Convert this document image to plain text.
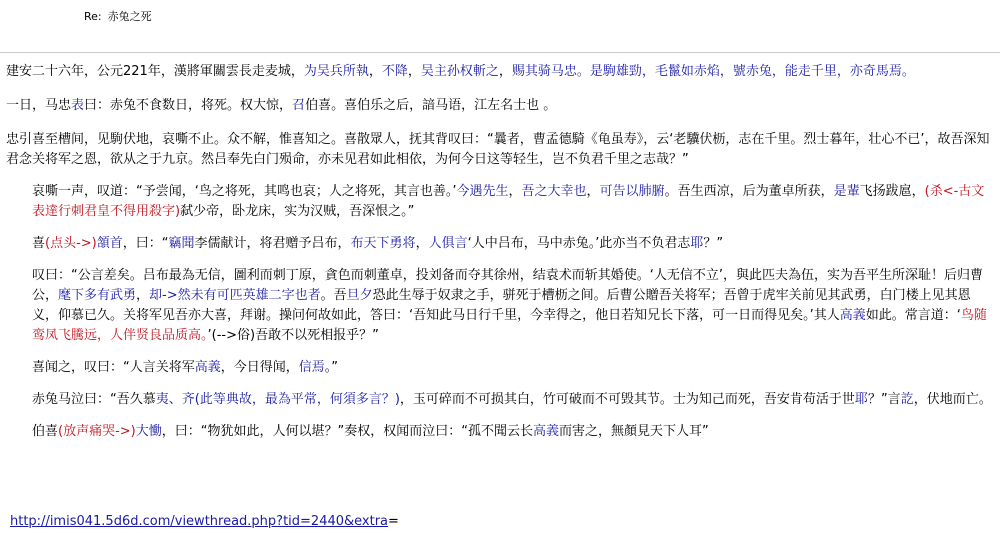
Re: 赤兔之死

建安二十六年，公元221年，漢將軍關雲長走麦城，为吴兵所執，不降，吴主孙权斬之，赐其骑马忠。是駒雄勁，毛鬣如赤焰，號赤兔，能走千里，亦奇馬焉。

一日，马忠表曰：赤兔不食数日，将死。权大惊，召伯喜。喜伯乐之后，諳马语，江左名士也 。

忠引喜至槽间，见駒伏地，哀嘶不止。众不解，惟喜知之。喜散眾人，抚其背叹曰：“曩者，曹孟德騎《龟虽寿》，云‘老驥伏枥，志在千里。烈士暮年，壮心不已’，故吾深知君念关将军之恩，欲从之于九京。然吕奉先白门殒命，亦未见君如此相依，为何今日这等轻生，岂不负君千里之志哉？”

哀嘶一声，叹道：“予尝闻，‘鸟之将死，其鸣也哀；人之将死，其言也善。’今遇先生，吾之大幸也，可告以肺腑。吾生西凉，后为董卓所获，是輩飞扬跋扈，(杀<-古文表達行刺君皇不得用殺字)弑少帝，卧龙床，实为汉贼，吾深恨之。”

喜(点头->)頷首，曰：“竊聞李儒献计，将君赠予吕布，布天下勇将，人俱言‘人中吕布，马中赤兔。’此亦当不负君志耶？”

叹曰：“公言差矣。吕布最為无信，圖利而刺丁原，貪色而刺董卓，投刘备而夺其徐州，结袁术而斩其婚使。‘人无信不立’，與此匹夫為伍，实为吾平生所深耻！后归曹公，麾下多有武勇，却->然未有可匹英雄二字也者。吾旦夕恐此生辱于奴隶之手，骈死于槽枥之间。后曹公贈吾关将军；吾曾于虎牢关前见其武勇，白门楼上见其恩义，仰慕已久。关将军见吾亦大喜，拜谢。操问何故如此，答曰：‘吾知此马日行千里，今幸得之，他日若知兄长下落，可一日而得见矣。’其人高義如此。常言道：‘鸟随鸾凤飞騰远，人伴贤良品质高。’(-->俗)吾敢不以死相报乎？”

喜闻之，叹曰：“人言关将军高義，今日得闻，信焉。”

赤兔马泣曰：“吾久慕夷、齐(此等典故，最為平常，何須多言？)，玉可碎而不可损其白，竹可破而不可毁其节。士为知己而死，吾安肯苟活于世耶？”言訖，伏地而亡。

伯喜(放声痛哭->)大慟，曰：“物犹如此，人何以堪？”奏权，权闻而泣曰：“孤不聞云长高義而害之，無顏見天下人耳”

http://imis041.5d6d.com/viewthread.php?tid=2440&extra=
